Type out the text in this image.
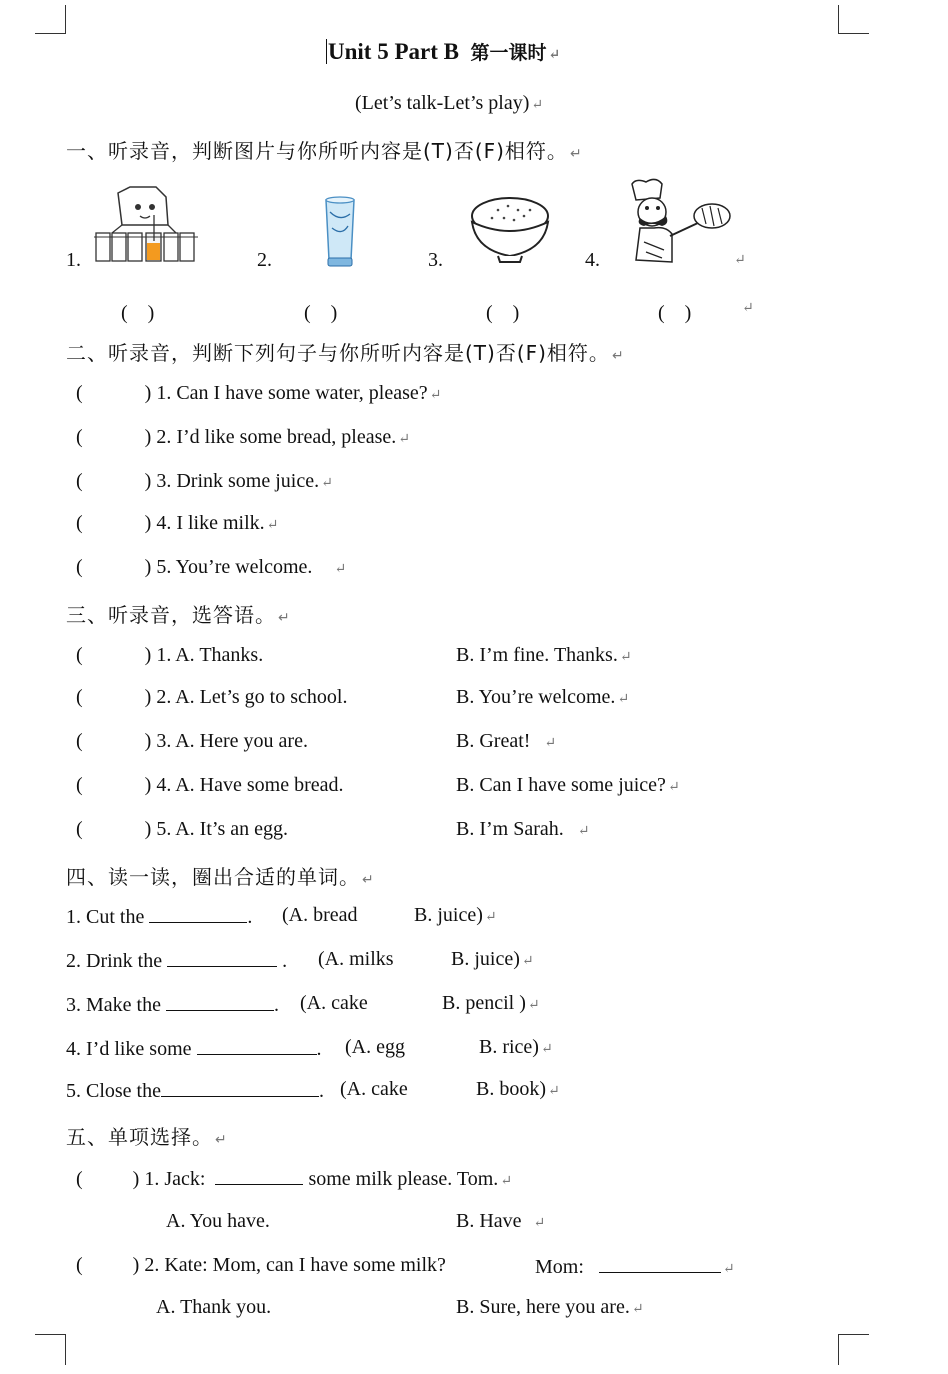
Unit 5 Part B 第一课时 ↵
(Let’s talk-Let’s play) ↵
一、听录音，判断图片与你所听内容是(T)否(F)相符。 ↵
1.	2.	3.	4.	↵
(　)	(　)	(　)	(　)	↵
二、听录音，判断下列句子与你所听内容是(T)否(F)相符。 ↵
(	) 1. Can I have some water, please? ↵
(	) 2. I’d like some bread, please. ↵
(	) 3. Drink some juice. ↵
(	) 4. I like milk. ↵
(	) 5. You’re welcome. ↵
三、听录音，选答语。 ↵
(	) 1. A. Thanks.	B. I’m fine. Thanks. ↵
(	) 2. A. Let’s go to school.	B. You’re welcome. ↵
(	) 3. A. Here you are.	B. Great! ↵
(	) 4. A. Have some bread.	B. Can I have some juice? ↵
(	) 5. A. It’s an egg.	B. I’m Sarah. ↵
四、读一读，圈出合适的单词。 ↵
1. Cut the	. (A. bread	B. juice) ↵
2. Drink the	. (A. milks	B. juice) ↵
3. Make the	. (A. cake	B. pencil ) ↵
4. I’d like some	. (A. egg	B. rice) ↵
5. Close the	. (A. cake	B. book) ↵
五、单项选择。 ↵
(	) 1. Jack:	some milk please. Tom. ↵
A. You have.	B. Have ↵
(	) 2. Kate: Mom, can I have some milk?	Mom:	↵
A. Thank you.	B. Sure, here you are. ↵
